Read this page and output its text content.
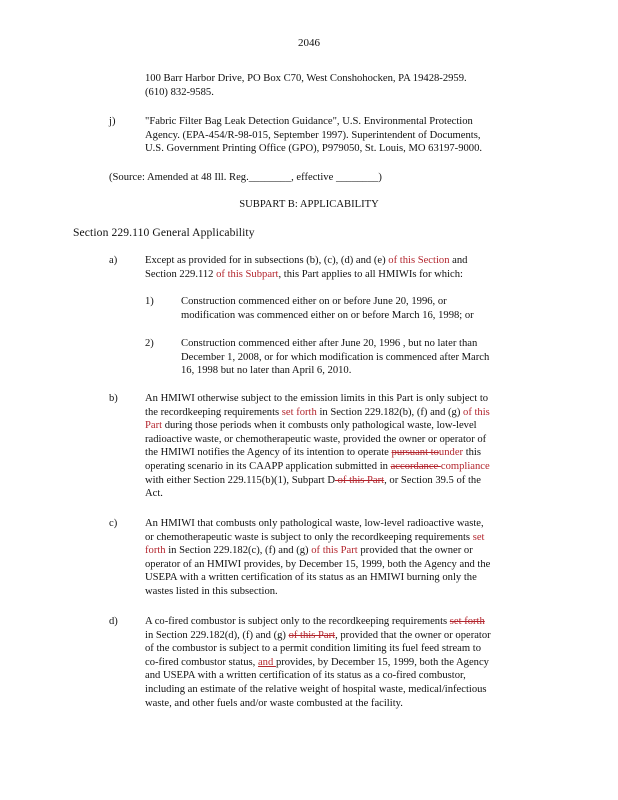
2046
100 Barr Harbor Drive, PO Box C70, West Conshohocken, PA 19428-2959.
(610) 832-9585.
j)	"Fabric Filter Bag Leak Detection Guidance", U.S. Environmental Protection
Agency. (EPA-454/R-98-015, September 1997). Superintendent of Documents,
U.S. Government Printing Office (GPO), P979050, St. Louis, MO 63197-9000.
(Source: Amended at 48 Ill. Reg.________, effective ________)
SUBPART B: APPLICABILITY
Section 229.110 General Applicability
a)	Except as provided for in subsections (b), (c), (d) and (e) of this Section and
Section 229.112 of this Subpart, this Part applies to all HMIWIs for which:
1)	Construction commenced either on or before June 20, 1996, or
modification was commenced either on or before March 16, 1998; or
2)	Construction commenced either after June 20, 1996 , but no later than
December 1, 2008, or for which modification is commenced after March
16, 1998 but no later than April 6, 2010.
b)	An HMIWI otherwise subject to the emission limits in this Part is only subject to
the recordkeeping requirements set forth in Section 229.182(b), (f) and (g) of this
Part during those periods when it combusts only pathological waste, low-level
radioactive waste, or chemotherapeutic waste, provided the owner or operator of
the HMIWI notifies the Agency of its intention to operate pursuant tounder this
operating scenario in its CAAPP application submitted in accordance compliance
with either Section 229.115(b)(1), Subpart D of this Part, or Section 39.5 of the
Act.
c)	An HMIWI that combusts only pathological waste, low-level radioactive waste,
or chemotherapeutic waste is subject to only the recordkeeping requirements set
forth in Section 229.182(c), (f) and (g) of this Part provided that the owner or
operator of an HMIWI provides, by December 15, 1999, both the Agency and the
USEPA with a written certification of its status as an HMIWI burning only the
wastes listed in this subsection.
d)	A co-fired combustor is subject only to the recordkeeping requirements set forth
in Section 229.182(d), (f) and (g) of this Part, provided that the owner or operator
of the combustor is subject to a permit condition limiting its fuel feed stream to
co-fired combustor status, and provides, by December 15, 1999, both the Agency
and USEPA with a written certification of its status as a co-fired combustor,
including an estimate of the relative weight of hospital waste, medical/infectious
waste, and other fuels and/or waste combusted at the facility.
